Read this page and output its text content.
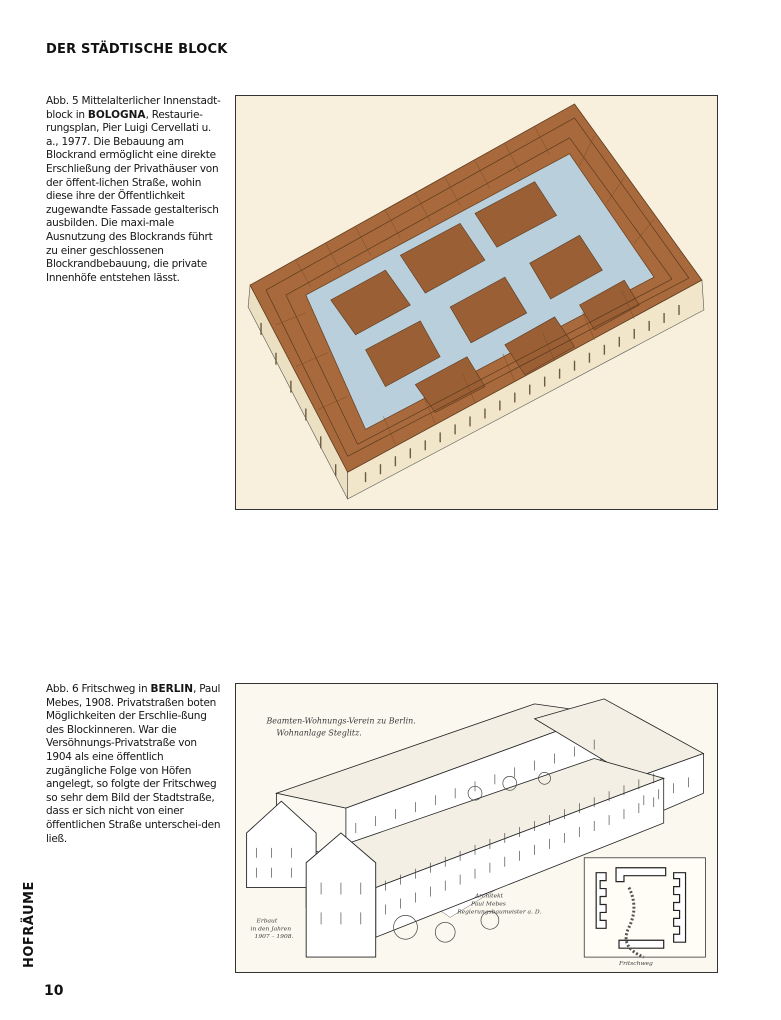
DER STÄDTISCHE BLOCK

Abb. 5 Mittelalterlicher Innenstadt-block in BOLOGNA, Restaurie-rungsplan, Pier Luigi Cervellati u. a., 1977. Die Bebauung am Blockrand ermöglicht eine direkte Erschließung der Privathäuser von der öffent-lichen Straße, wohin diese ihre der Öffentlichkeit zugewandte Fassade gestalterisch ausbilden. Die maxi-male Ausnutzung des Blockrands führt zu einer geschlossenen Blockrandbebauung, die private Innenhöfe entstehen lässt.

Abb. 6 Fritschweg in BERLIN, Paul Mebes, 1908. Privatstraßen boten Möglichkeiten der Erschlie-ßung des Blockinneren. War die Versöhnungs-Privatstraße von 1904 als eine öffentlich zugängliche Folge von Höfen angelegt, so folgte der Fritschweg so sehr dem Bild der Stadtstraße, dass er sich nicht von einer öffentlichen Straße unterschei-den ließ.

Beamten-Wohnungs-Verein zu Berlin.
Wohnanlage Steglitz.
Fritschweg
Erbaut
in den Jahren
1907 – 1908.
Architekt
Paul Mebes
Regierungsbaumeister a. D.
HOFRÄUME
10
